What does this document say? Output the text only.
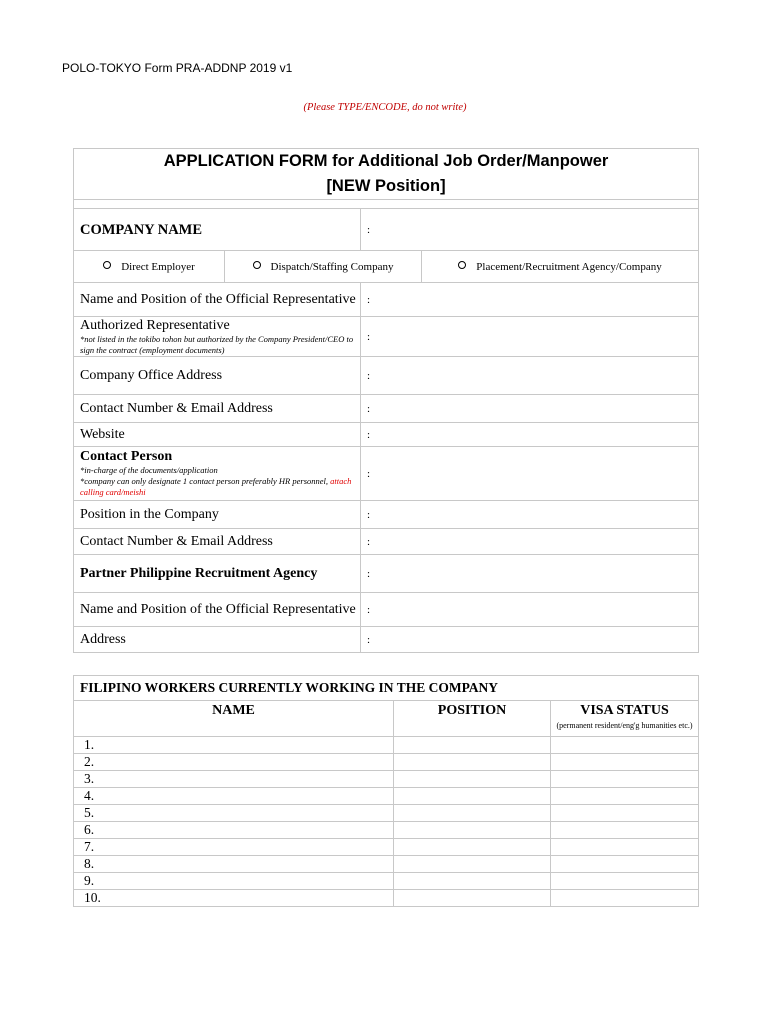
POLO-TOKYO Form PRA-ADDNP 2019 v1
(Please TYPE/ENCODE, do not write)
APPLICATION FORM for Additional Job Order/Manpower
[NEW Position]			

COMPANY NAME		:	
Direct Employer	Dispatch/Staffing Company		Placement/Recruitment Agency/Company
Name and Position of the Official Representative		:	
Authorized Representative
*not listed in the tokibo tohon but authorized by the Company President/CEO to sign the contract (employment documents)		:	
Company Office Address		:	
Contact Number & Email Address		:	
Website		:	
Contact Person
*in-charge of the documents/application
*company can only designate 1 contact person preferably HR personnel, attach calling card/meishi		:	
Position in the Company		:	
Contact Number & Email Address		:	
Partner Philippine Recruitment Agency		:	
Name and Position of the Official Representative		:	
Address		:	
FILIPINO WORKERS CURRENTLY WORKING IN THE COMPANY		
NAME	POSITION	VISA STATUS
(permanent resident/eng'g humanities etc.)

1.		
2.		
3.		
4.		
5.		
6.		
7.		
8.		
9.		
10.		
